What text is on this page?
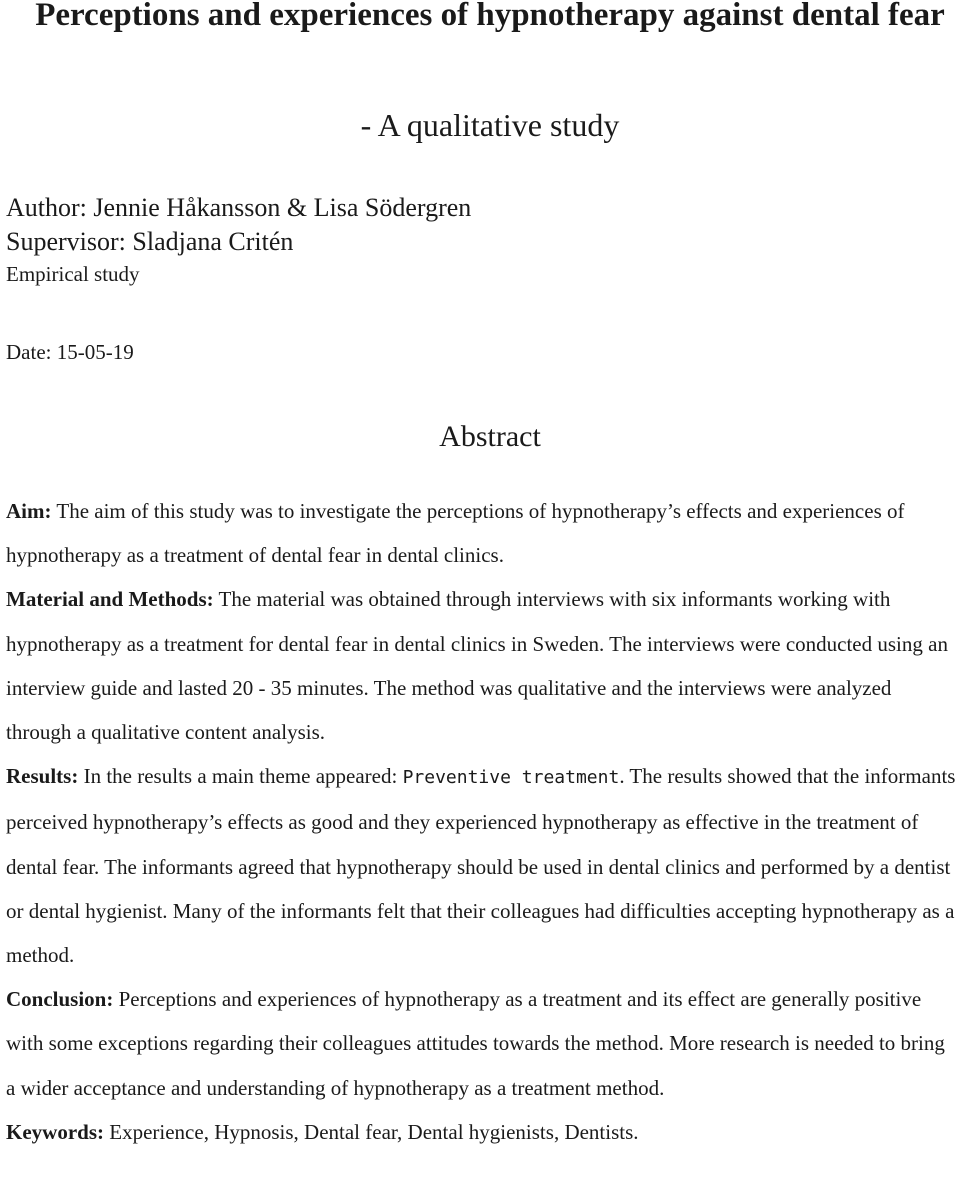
Perceptions and experiences of hypnotherapy against dental fear
- A qualitative study
Author: Jennie Håkansson & Lisa Södergren
Supervisor: Sladjana Critén
Empirical study
Date: 15-05-19
Abstract

Aim: The aim of this study was to investigate the perceptions of hypnotherapy’s effects and experiences of hypnotherapy as a treatment of dental fear in dental clinics.

Material and Methods: The material was obtained through interviews with six informants working with hypnotherapy as a treatment for dental fear in dental clinics in Sweden. The interviews were conducted using an interview guide and lasted 20 - 35 minutes. The method was qualitative and the interviews were analyzed through a qualitative content analysis.

Results: In the results a main theme appeared: Preventive treatment. The results showed that the informants perceived hypnotherapy’s effects as good and they experienced hypnotherapy as effective in the treatment of dental fear. The informants agreed that hypnotherapy should be used in dental clinics and performed by a dentist or dental hygienist. Many of the informants felt that their colleagues had difficulties accepting hypnotherapy as a method.

Conclusion: Perceptions and experiences of hypnotherapy as a treatment and its effect are generally positive with some exceptions regarding their colleagues attitudes towards the method. More research is needed to bring a wider acceptance and understanding of hypnotherapy as a treatment method.

Keywords: Experience, Hypnosis, Dental fear, Dental hygienists, Dentists.
